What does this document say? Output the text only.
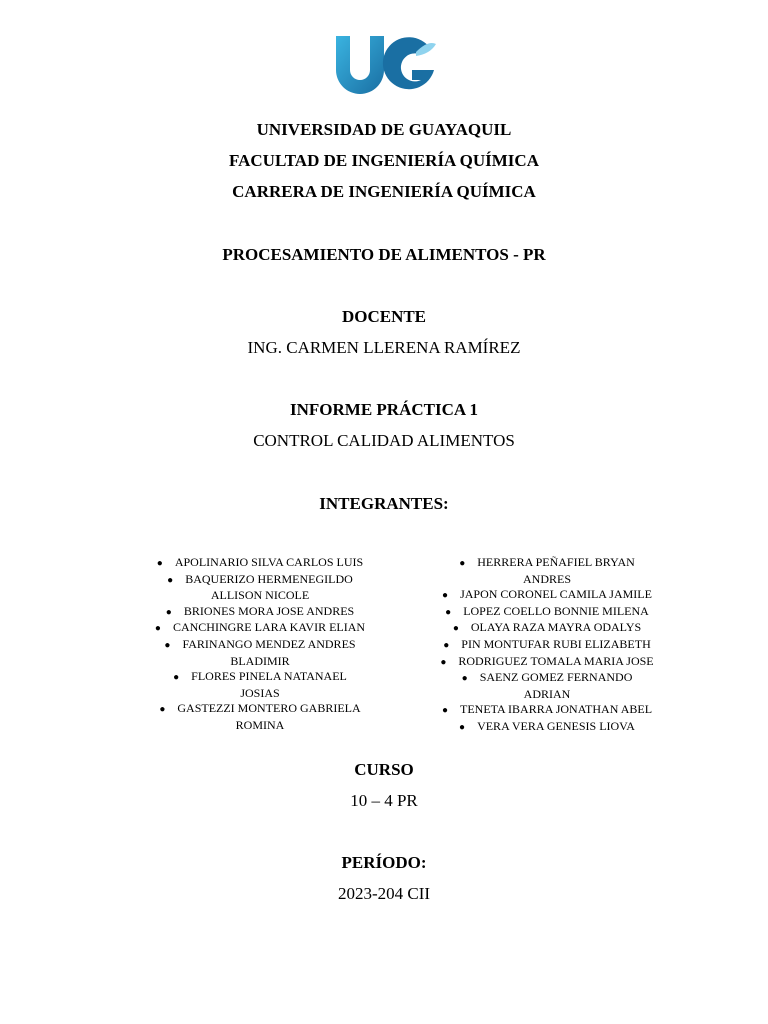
UNIVERSIDAD DE GUAYAQUIL
FACULTAD DE INGENIERÍA QUÍMICA
CARRERA DE INGENIERÍA QUÍMICA
PROCESAMIENTO DE ALIMENTOS - PR
DOCENTE
ING. CARMEN LLERENA RAMÍREZ
INFORME PRÁCTICA 1
CONTROL CALIDAD ALIMENTOS
INTEGRANTES:
● APOLINARIO SILVA CARLOS LUIS
● BAQUERIZO HERMENEGILDO
ALLISON NICOLE
● BRIONES MORA JOSE ANDRES
● CANCHINGRE LARA KAVIR ELIAN
● FARINANGO MENDEZ ANDRES
BLADIMIR
● FLORES PINELA NATANAEL
JOSIAS
● GASTEZZI MONTERO GABRIELA
ROMINA
● HERRERA PEÑAFIEL BRYAN
ANDRES
● JAPON CORONEL CAMILA JAMILE
● LOPEZ COELLO BONNIE MILENA
● OLAYA RAZA MAYRA ODALYS
● PIN MONTUFAR RUBI ELIZABETH
● RODRIGUEZ TOMALA MARIA JOSE
● SAENZ GOMEZ FERNANDO
ADRIAN
● TENETA IBARRA JONATHAN ABEL
● VERA VERA GENESIS LIOVA
CURSO
10 – 4 PR
PERÍODO:
2023-204 CII
